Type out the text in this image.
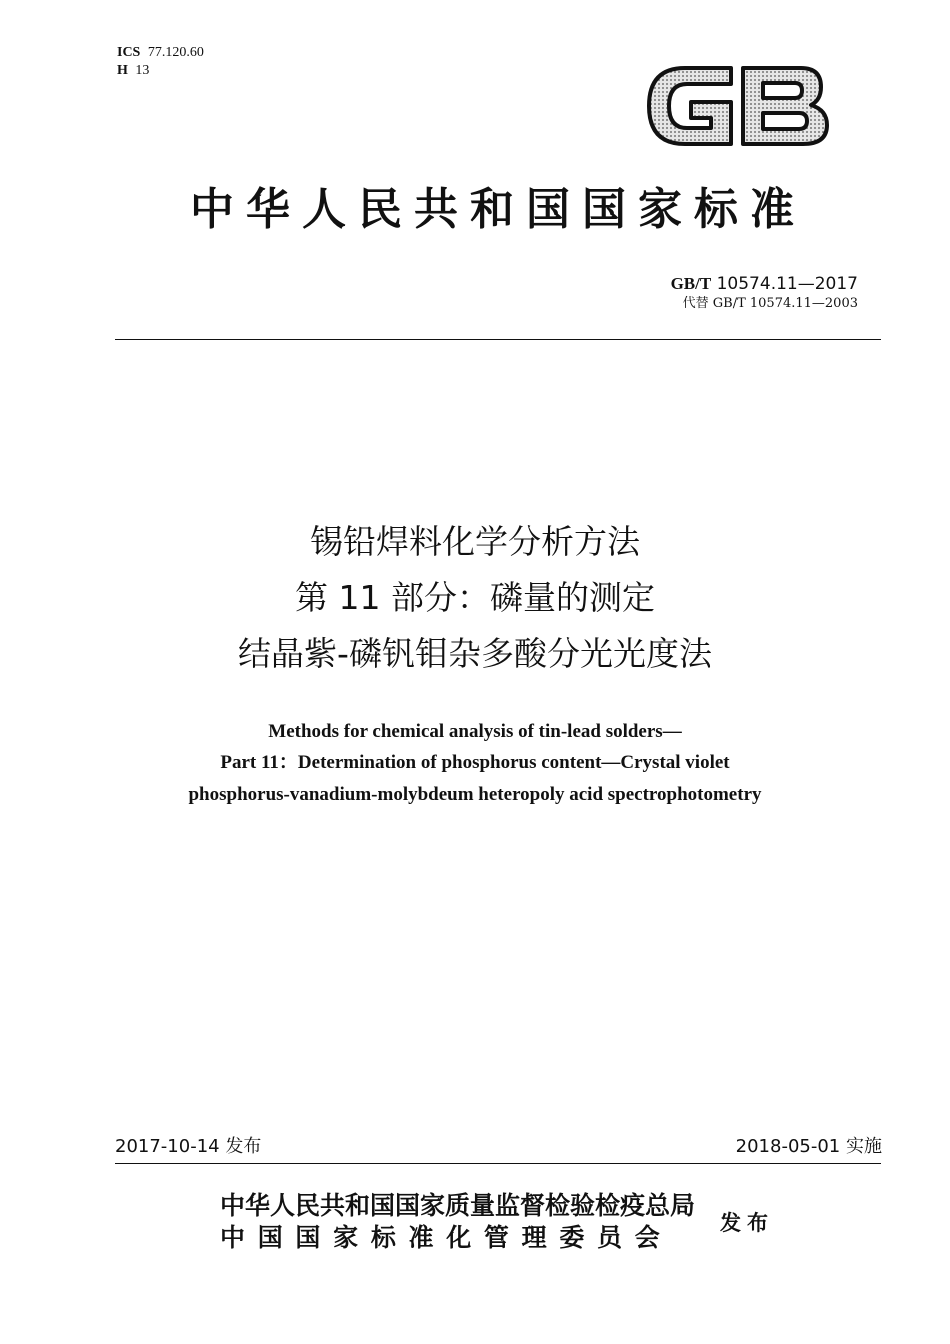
ICS 77.120.60
H 13
中华人民共和国国家标准
GB/T 10574.11—2017
代替 GB/T 10574.11—2003
锡铅焊料化学分析方法
第 11 部分：磷量的测定
结晶紫-磷钒钼杂多酸分光光度法
Methods for chemical analysis of tin-lead solders—
Part 11：Determination of phosphorus content—Crystal violet
phosphorus-vanadium-molybdeum heteropoly acid spectrophotometry
2017-10-14 发布	2018-05-01 实施
中华人民共和国国家质量监督检验检疫总局
中 国 国 家 标 准 化 管 理 委 员 会
发布
